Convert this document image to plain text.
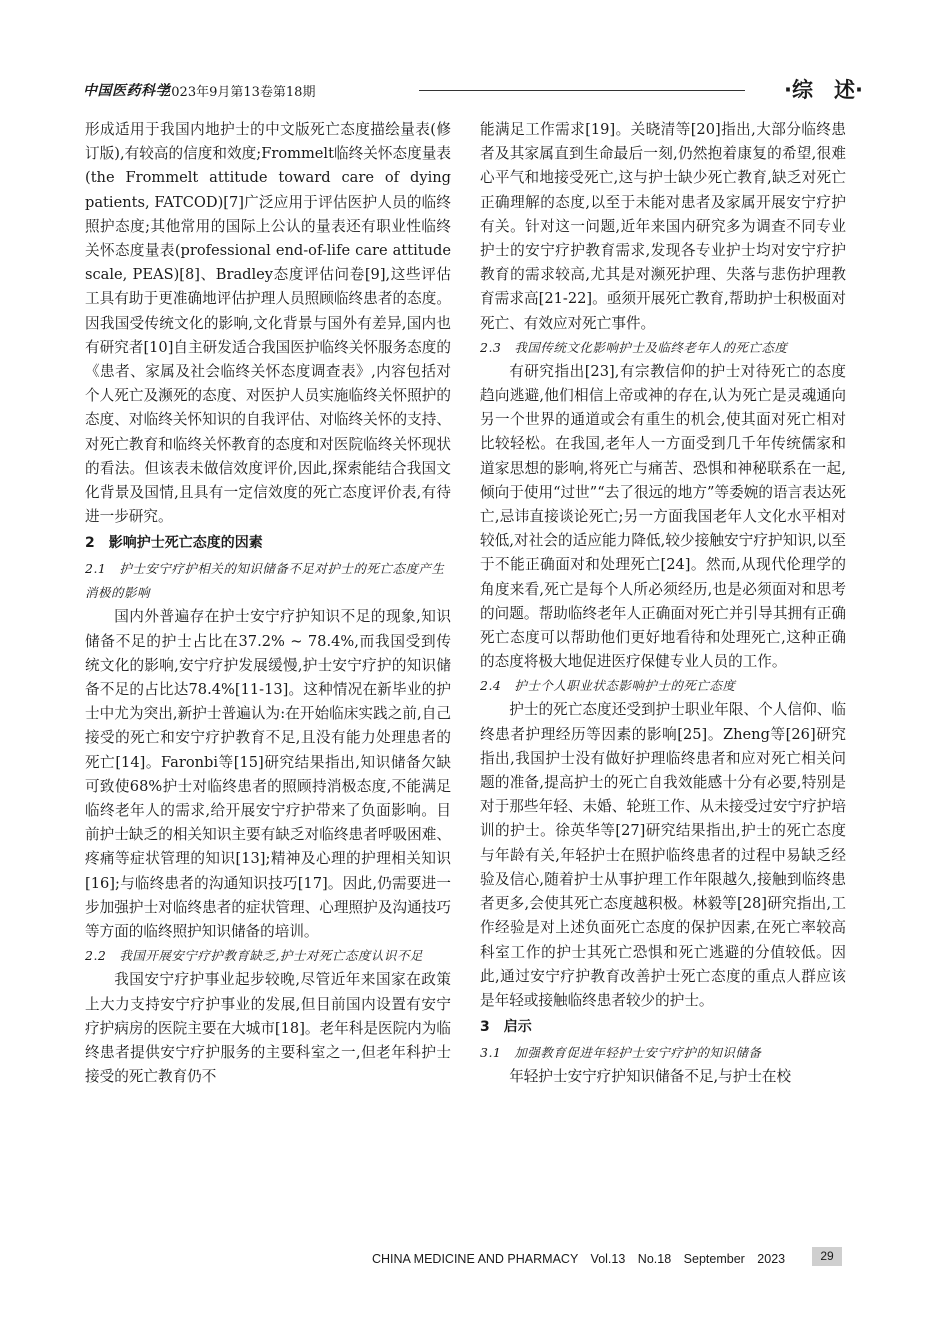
中国医药科学
2023年9月第13卷第18期	·综　述·

形成适用于我国内地护士的中文版死亡态度描绘量表(修订版),有较高的信度和效度;Frommelt临终关怀态度量表(the Frommelt attitude toward care of dying patients, FATCOD)[7]广泛应用于评估医护人员的临终照护态度;其他常用的国际上公认的量表还有职业性临终关怀态度量表(professional end-of-life care attitude scale, PEAS)[8]、Bradley态度评估问卷[9],这些评估工具有助于更准确地评估护理人员照顾临终患者的态度。因我国受传统文化的影响,文化背景与国外有差异,国内也有研究者[10]自主研发适合我国医护临终关怀服务态度的《患者、家属及社会临终关怀态度调查表》,内容包括对个人死亡及濒死的态度、对医护人员实施临终关怀照护的态度、对临终关怀知识的自我评估、对临终关怀的支持、对死亡教育和临终关怀教育的态度和对医院临终关怀现状的看法。但该表未做信效度评价,因此,探索能结合我国文化背景及国情,且具有一定信效度的死亡态度评价表,有待进一步研究。

2　影响护士死亡态度的因素
2.1　护士安宁疗护相关的知识储备不足对护士的死亡态度产生消极的影响

国内外普遍存在护士安宁疗护知识不足的现象,知识储备不足的护士占比在37.2% ~ 78.4%,而我国受到传统文化的影响,安宁疗护发展缓慢,护士安宁疗护的知识储备不足的占比达78.4%[11-13]。这种情况在新毕业的护士中尤为突出,新护士普遍认为:在开始临床实践之前,自己接受的死亡和安宁疗护教育不足,且没有能力处理患者的死亡[14]。Faronbi等[15]研究结果指出,知识储备欠缺可致使68%护士对临终患者的照顾持消极态度,不能满足临终老年人的需求,给开展安宁疗护带来了负面影响。目前护士缺乏的相关知识主要有缺乏对临终患者呼吸困难、疼痛等症状管理的知识[13];精神及心理的护理相关知识[16];与临终患者的沟通知识技巧[17]。因此,仍需要进一步加强护士对临终患者的症状管理、心理照护及沟通技巧等方面的临终照护知识储备的培训。

2.2　我国开展安宁疗护教育缺乏,护士对死亡态度认识不足

我国安宁疗护事业起步较晚,尽管近年来国家在政策上大力支持安宁疗护事业的发展,但目前国内设置有安宁疗护病房的医院主要在大城市[18]。老年科是医院内为临终患者提供安宁疗护服务的主要科室之一,但老年科护士接受的死亡教育仍不

能满足工作需求[19]。关晓清等[20]指出,大部分临终患者及其家属直到生命最后一刻,仍然抱着康复的希望,很难心平气和地接受死亡,这与护士缺少死亡教育,缺乏对死亡正确理解的态度,以至于未能对患者及家属开展安宁疗护有关。针对这一问题,近年来国内研究多为调查不同专业护士的安宁疗护教育需求,发现各专业护士均对安宁疗护教育的需求较高,尤其是对濒死护理、失落与悲伤护理教育需求高[21-22]。亟须开展死亡教育,帮助护士积极面对死亡、有效应对死亡事件。

2.3　我国传统文化影响护士及临终老年人的死亡态度

有研究指出[23],有宗教信仰的护士对待死亡的态度趋向逃避,他们相信上帝或神的存在,认为死亡是灵魂通向另一个世界的通道或会有重生的机会,使其面对死亡相对比较轻松。在我国,老年人一方面受到几千年传统儒家和道家思想的影响,将死亡与痛苦、恐惧和神秘联系在一起,倾向于使用“过世”“去了很远的地方”等委婉的语言表达死亡,忌讳直接谈论死亡;另一方面我国老年人文化水平相对较低,对社会的适应能力降低,较少接触安宁疗护知识,以至于不能正确面对和处理死亡[24]。然而,从现代伦理学的角度来看,死亡是每个人所必须经历,也是必须面对和思考的问题。帮助临终老年人正确面对死亡并引导其拥有正确死亡态度可以帮助他们更好地看待和处理死亡,这种正确的态度将极大地促进医疗保健专业人员的工作。

2.4　护士个人职业状态影响护士的死亡态度

护士的死亡态度还受到护士职业年限、个人信仰、临终患者护理经历等因素的影响[25]。Zheng等[26]研究指出,我国护士没有做好护理临终患者和应对死亡相关问题的准备,提高护士的死亡自我效能感十分有必要,特别是对于那些年轻、未婚、轮班工作、从未接受过安宁疗护培训的护士。徐英华等[27]研究结果指出,护士的死亡态度与年龄有关,年轻护士在照护临终患者的过程中易缺乏经验及信心,随着护士从事护理工作年限越久,接触到临终患者更多,会使其死亡态度越积极。林毅等[28]研究指出,工作经验是对上述负面死亡态度的保护因素,在死亡率较高科室工作的护士其死亡恐惧和死亡逃避的分值较低。因此,通过安宁疗护教育改善护士死亡态度的重点人群应该是年轻或接触临终患者较少的护士。

3　启示
3.1　加强教育促进年轻护士安宁疗护的知识储备

年轻护士安宁疗护知识储备不足,与护士在校

CHINA MEDICINE AND PHARMACY　Vol.13　No.18　September　2023	29
